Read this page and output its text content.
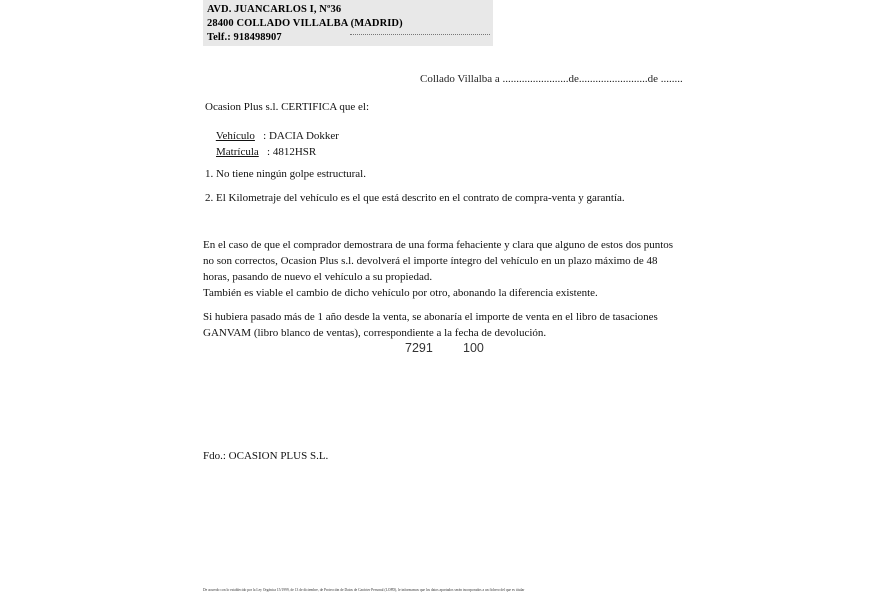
AVD. JUANCARLOS I, Nº36
28400 COLLADO VILLALBA (MADRID)
Telf.: 918498907
Collado Villalba a ........................de.........................de ........
Ocasion Plus s.l. CERTIFICA que el:

Vehículo   : DACIA Dokker

Matrícula   : 4812HSR

1. No tiene ningún golpe estructural.
2. El Kilometraje del vehículo es el que está descrito en el contrato de compra-venta y garantía.
En el caso de que el comprador demostrara de una forma fehaciente y clara que alguno de estos dos puntos no son correctos, Ocasion Plus s.l. devolverá el importe íntegro del vehículo en un plazo máximo de 48 horas, pasando de nuevo el vehículo a su propiedad.
También es viable el cambio de dicho vehículo por otro, abonando la diferencia existente.
Si hubiera pasado más de 1 año desde la venta, se abonaría el importe de venta en el libro de tasaciones
GANVAM (libro blanco de ventas), correspondiente a la fecha de devolución.
7291 100
Fdo.: OCASION PLUS S.L.
De acuerdo con lo establecido por la Ley Orgánica 15/1999, de 13 de diciembre, de Protección de Datos de Carácter Personal (LOPD), le informamos que los datos aportados serán incorporados a un fichero del que es titular
